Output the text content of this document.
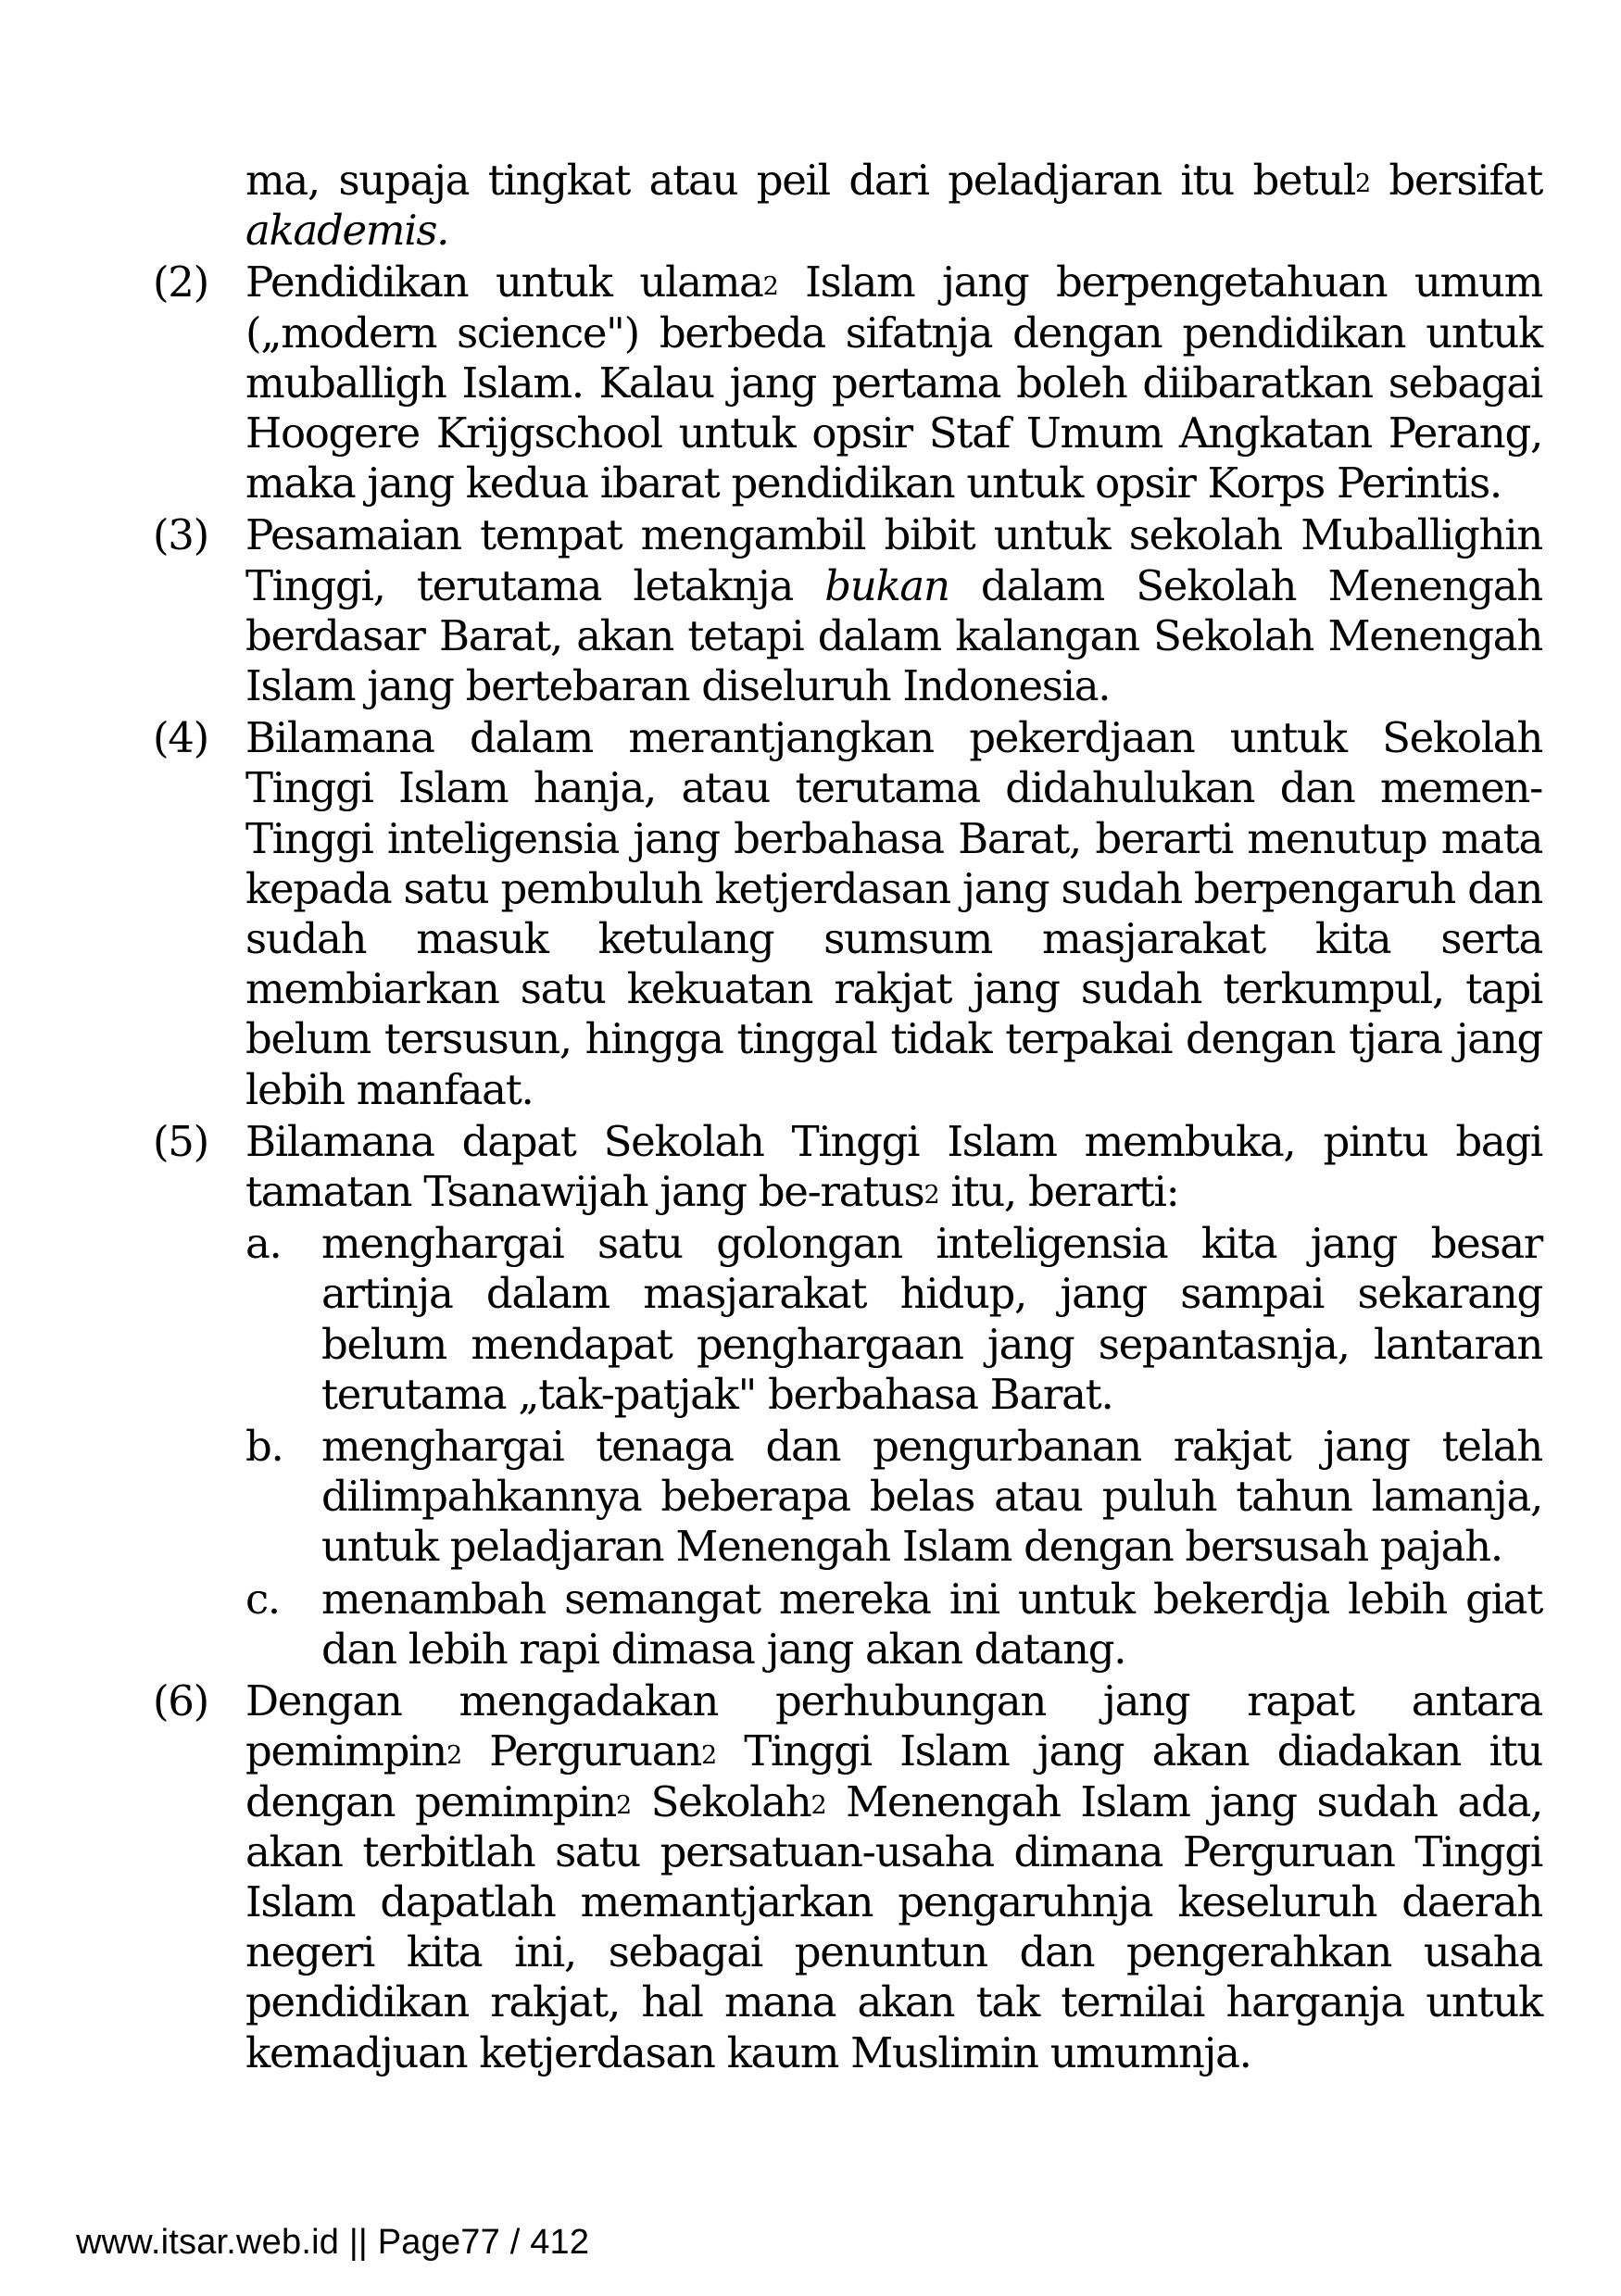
ma, supaja tingkat atau peil dari peladjaran itu betul$^2$ bersifat akademis.

(2) Pendidikan untuk ulama$^2$ Islam jang berpengetahuan umum („modern science") berbeda sifatnja dengan pendidikan untuk muballigh Islam. Kalau jang pertama boleh diibaratkan sebagai Hoogere Krijgschool untuk opsir Staf Umum Angkatan Perang, maka jang kedua ibarat pendidikan untuk opsir Korps Perintis.

(3) Pesamaian tempat mengambil bibit untuk sekolah Muballighin Tinggi, terutama letaknja bukan dalam Sekolah Menengah berdasar Barat, akan tetapi dalam kalangan Sekolah Menengah Islam jang bertebaran diseluruh Indonesia.

(4) Bilamana dalam merantjangkan pekerdjaan untuk Sekolah Tinggi Islam hanja, atau terutama didahulukan dan memen-Tinggi inteligensia jang berbahasa Barat, berarti menutup mata kepada satu pembuluh ketjerdasan jang sudah berpengaruh dan sudah masuk ketulang sumsum masjarakat kita serta membiarkan satu kekuatan rakjat jang sudah terkumpul, tapi belum tersusun, hingga tinggal tidak terpakai dengan tjara jang lebih manfaat.

(5) Bilamana dapat Sekolah Tinggi Islam membuka, pintu bagi tamatan Tsanawijah jang be-ratus$^2$ itu, berarti:

a. menghargai satu golongan inteligensia kita jang besar artinja dalam masjarakat hidup, jang sampai sekarang belum mendapat penghargaan jang sepantasnja, lantaran terutama „tak-patjak" berbahasa Barat.

b. menghargai tenaga dan pengurbanan rakjat jang telah dilimpahkannya beberapa belas atau puluh tahun lamanja, untuk peladjaran Menengah Islam dengan bersusah pajah.

c. menambah semangat mereka ini untuk bekerdja lebih giat dan lebih rapi dimasa jang akan datang.

(6) Dengan mengadakan perhubungan jang rapat antara pemimpin$^2$ Perguruan$^2$ Tinggi Islam jang akan diadakan itu dengan pemimpin$^2$ Sekolah$^2$ Menengah Islam jang sudah ada, akan terbitlah satu persatuan-usaha dimana Perguruan Tinggi Islam dapatlah memantjarkan pengaruhnja keseluruh daerah negeri kita ini, sebagai penuntun dan pengerahkan usaha pendidikan rakjat, hal mana akan tak ternilai harganja untuk kemadjuan ketjerdasan kaum Muslimin umumnja.

www.itsar.web.id || Page77 / 412
